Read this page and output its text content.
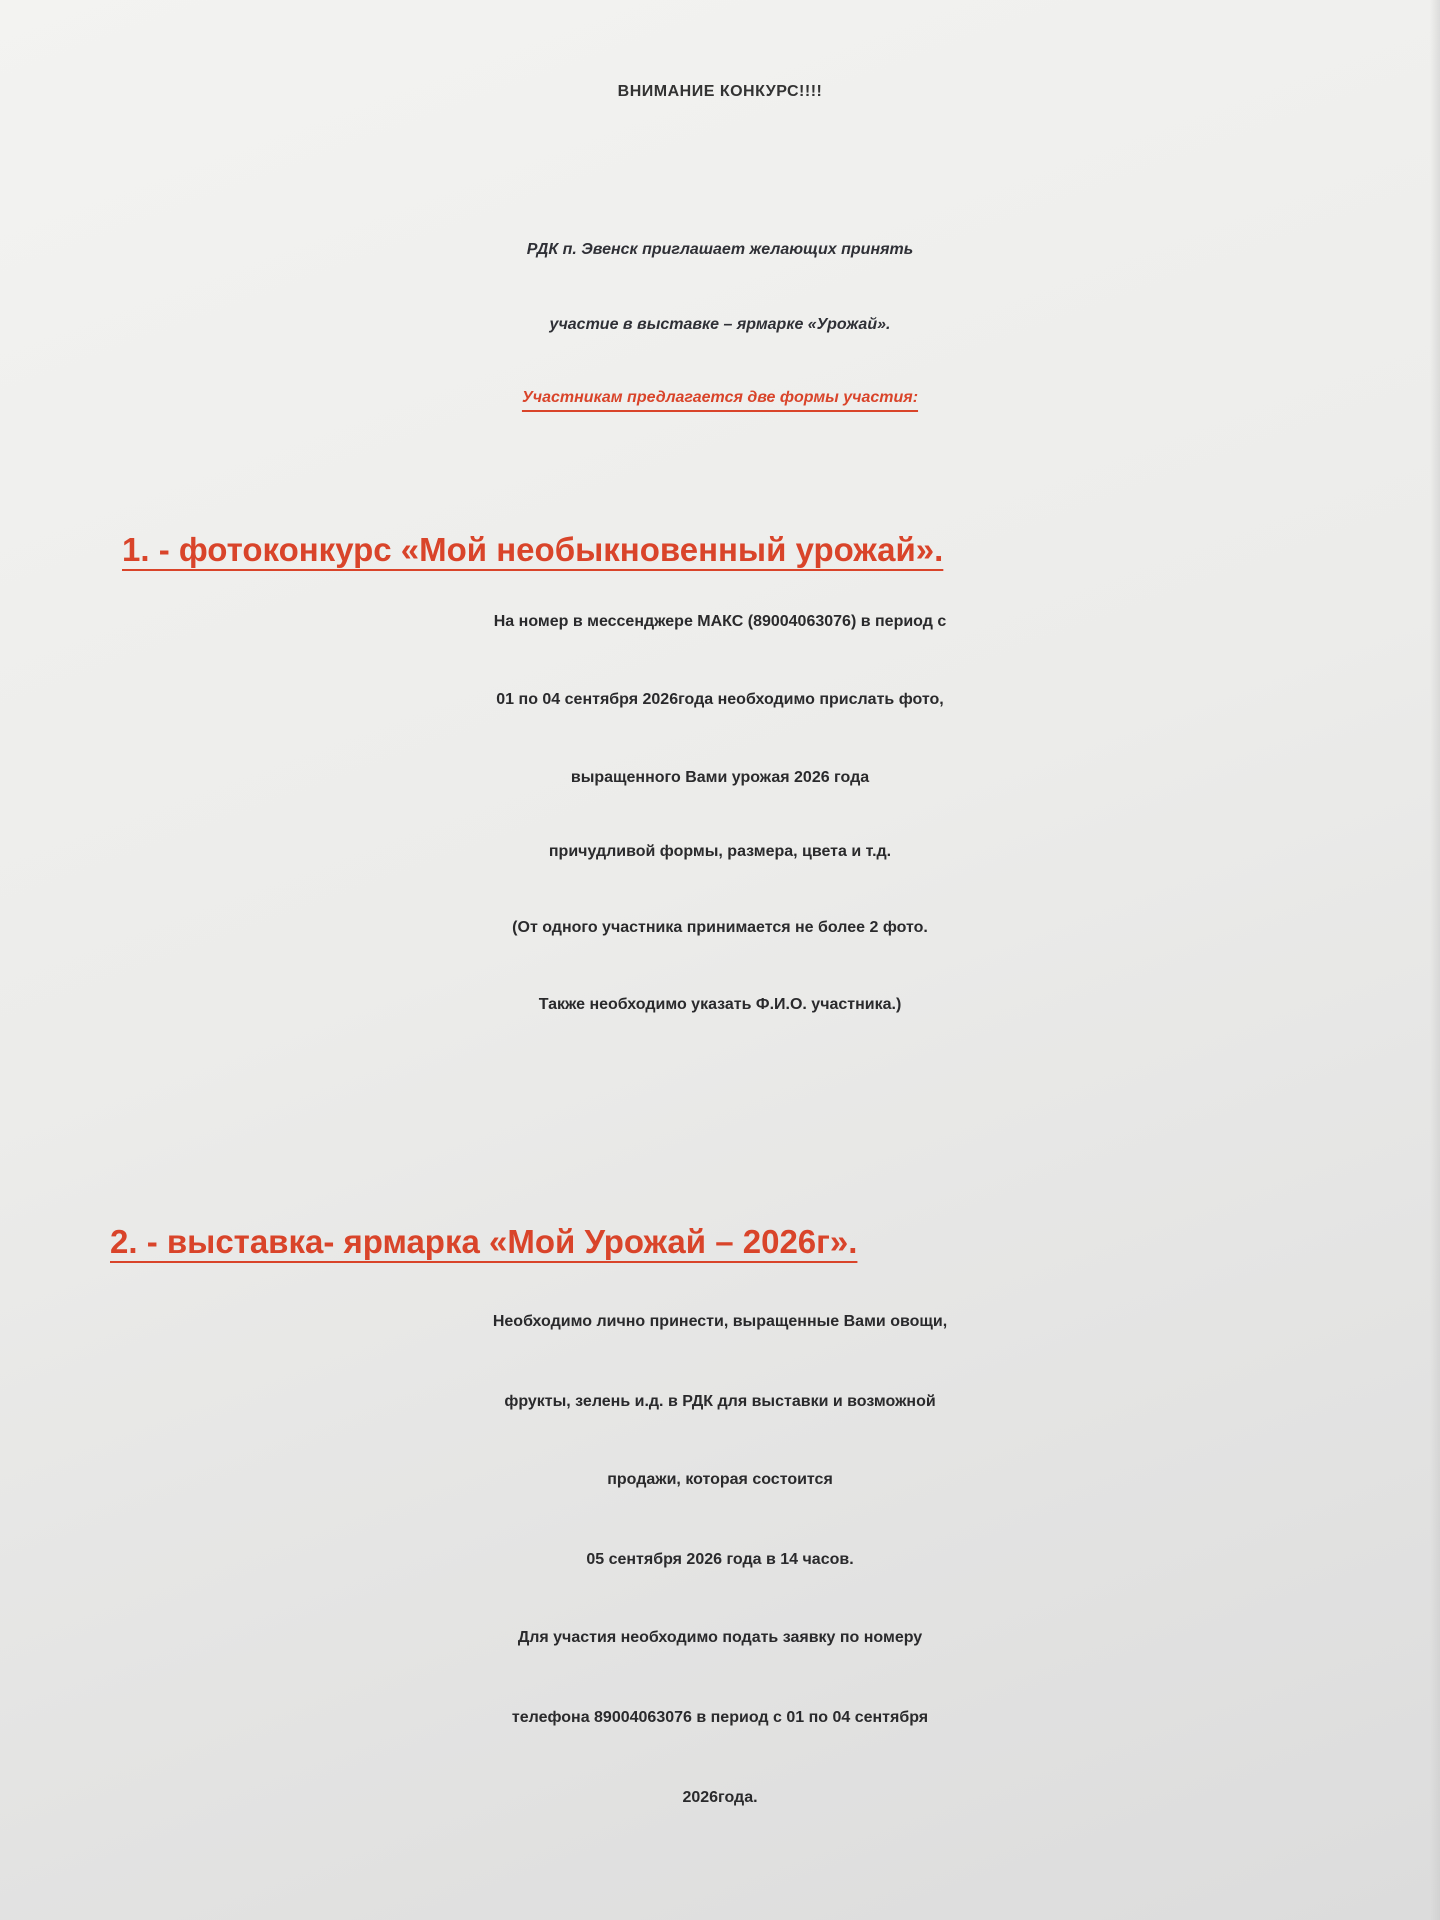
ВНИМАНИЕ КОНКУРС!!!!
РДК п. Эвенск приглашает желающих принять
участие в выставке – ярмарке «Урожай».
Участникам предлагается две формы участия:
1. - фотоконкурс «Мой необыкновенный урожай».
На номер в мессенджере МАКС (89004063076) в период с
01 по 04 сентября 2026года необходимо прислать фото,
выращенного Вами урожая 2026 года
причудливой формы, размера, цвета и т.д.
(От одного участника принимается не более 2 фото.
Также необходимо указать Ф.И.О. участника.)
2. - выставка- ярмарка «Мой Урожай – 2026г».
Необходимо лично принести, выращенные Вами овощи,
фрукты, зелень и.д. в РДК для выставки и возможной
продажи, которая состоится
05 сентября 2026 года в 14 часов.
Для участия необходимо подать заявку по номеру
телефона 89004063076 в период с 01 по 04 сентября
2026года.
